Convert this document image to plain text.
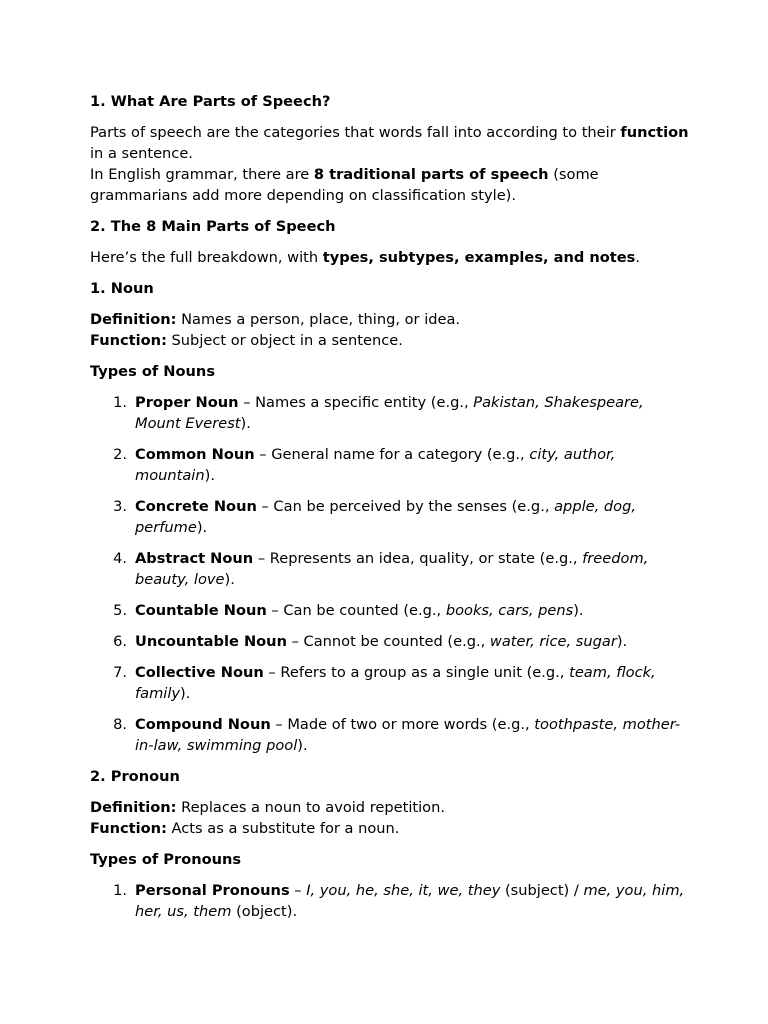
1. What Are Parts of Speech?

Parts of speech are the categories that words fall into according to their function in a sentence.
In English grammar, there are 8 traditional parts of speech (some grammarians add more depending on classification style).

2. The 8 Main Parts of Speech

Here’s the full breakdown, with types, subtypes, examples, and notes.

1. Noun

Definition: Names a person, place, thing, or idea.
Function: Subject or object in a sentence.

Types of Nouns
1. Proper Noun – Names a specific entity (e.g., Pakistan, Shakespeare, Mount Everest).
2. Common Noun – General name for a category (e.g., city, author, mountain).
3. Concrete Noun – Can be perceived by the senses (e.g., apple, dog, perfume).
4. Abstract Noun – Represents an idea, quality, or state (e.g., freedom, beauty, love).
5. Countable Noun – Can be counted (e.g., books, cars, pens).
6. Uncountable Noun – Cannot be counted (e.g., water, rice, sugar).
7. Collective Noun – Refers to a group as a single unit (e.g., team, flock, family).
8. Compound Noun – Made of two or more words (e.g., toothpaste, mother-in-law, swimming pool).
2. Pronoun

Definition: Replaces a noun to avoid repetition.
Function: Acts as a substitute for a noun.

Types of Pronouns
1. Personal Pronouns – I, you, he, she, it, we, they (subject) / me, you, him, her, us, them (object).
